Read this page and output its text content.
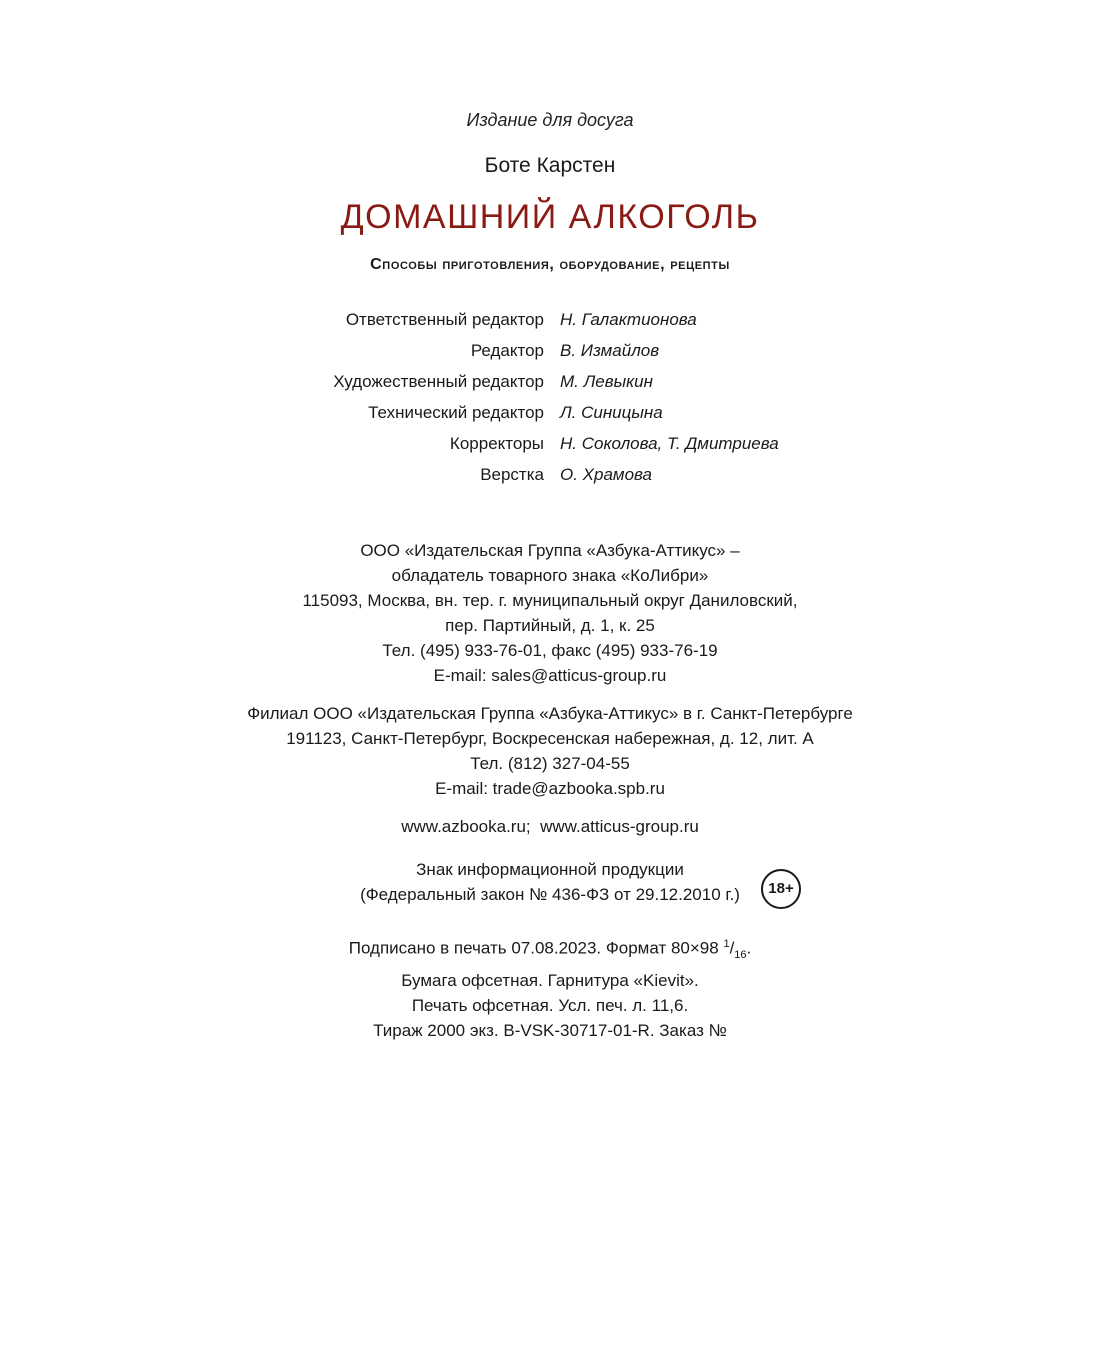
Издание для досуга
Боте Карстен
ДОМАШНИЙ АЛКОГОЛЬ
Способы приготовления, оборудование, рецепты
Ответственный редактор Н. Галактионова
Редактор В. Измайлов
Художественный редактор М. Левыкин
Технический редактор Л. Синицына
Корректоры Н. Соколова, Т. Дмитриева
Верстка О. Храмова
ООО «Издательская Группа «Азбука-Аттикус» –
обладатель товарного знака «КоЛибри»
115093, Москва, вн. тер. г. муниципальный округ Даниловский,
пер. Партийный, д. 1, к. 25
Тел. (495) 933-76-01, факс (495) 933-76-19
E-mail: sales@atticus-group.ru
Филиал ООО «Издательская Группа «Азбука-Аттикус» в г. Санкт-Петербурге
191123, Санкт-Петербург, Воскресенская набережная, д. 12, лит. А
Тел. (812) 327-04-55
E-mail: trade@azbooka.spb.ru
www.azbooka.ru;  www.atticus-group.ru
Знак информационной продукции
(Федеральный закон № 436-ФЗ от 29.12.2010 г.)	18+
Подписано в печать 07.08.2023. Формат 80×98 $^1/_{16}$.
Бумага офсетная. Гарнитура «Kievit».
Печать офсетная. Усл. печ. л. 11,6.
Тираж 2000 экз. B-VSK-30717-01-R. Заказ №
